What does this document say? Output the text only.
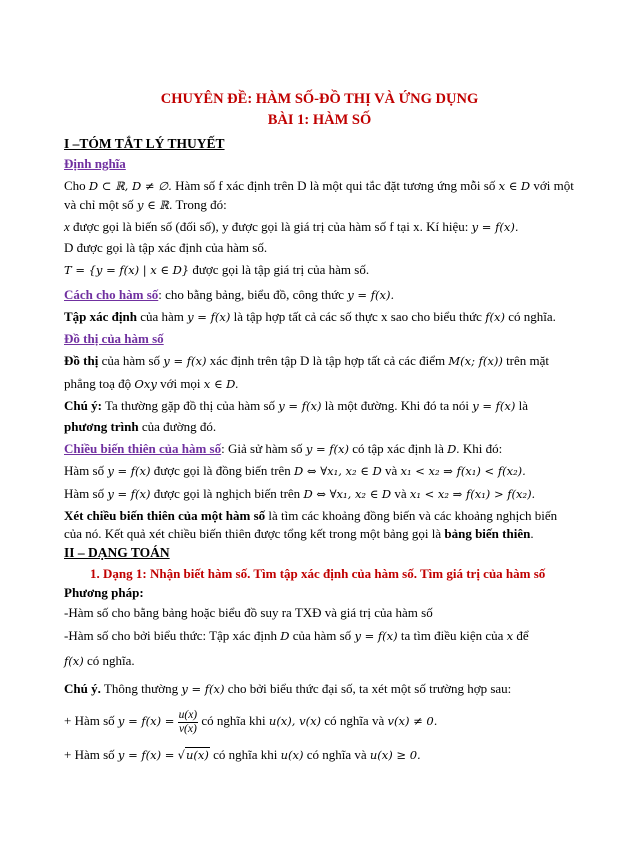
CHUYÊN ĐỀ: HÀM SỐ-ĐỒ THỊ VÀ ỨNG DỤNG
BÀI 1: HÀM SỐ
I –TÓM TẮT LÝ THUYẾT
Định nghĩa
Cho D ⊂ ℝ, D ≠ ∅. Hàm số f xác định trên D là một qui tắc đặt tương ứng mỗi số x ∈ D với một
và chỉ một số y ∈ ℝ. Trong đó:
x được gọi là biến số (đối số), y được gọi là giá trị của hàm số f tại x. Kí hiệu: y = f(x).
D được gọi là tập xác định của hàm số.
T = {y = f(x) | x ∈ D} được gọi là tập giá trị của hàm số.
Cách cho hàm số: cho bằng bảng, biểu đồ, công thức y = f(x).
Tập xác định của hàm y = f(x) là tập hợp tất cả các số thực x sao cho biểu thức f(x) có nghĩa.
Đồ thị của hàm số
Đồ thị của hàm số y = f(x) xác định trên tập D là tập hợp tất cả các điểm M(x; f(x)) trên mặt
phẳng toạ độ Oxy với mọi x ∈ D.
Chú ý: Ta thường gặp đồ thị của hàm số y = f(x) là một đường. Khi đó ta nói y = f(x) là
phương trình của đường đó.
Chiều biến thiên của hàm số: Giả sử hàm số y = f(x) có tập xác định là D. Khi đó:
Hàm số y = f(x) được gọi là đồng biến trên D ⇔ ∀x₁, x₂ ∈ D và x₁ < x₂ ⇒ f(x₁) < f(x₂).
Hàm số y = f(x) được gọi là nghịch biến trên D ⇔ ∀x₁, x₂ ∈ D và x₁ < x₂ ⇒ f(x₁) > f(x₂).
Xét chiều biến thiên của một hàm số là tìm các khoảng đồng biến và các khoảng nghịch biến
của nó. Kết quả xét chiều biến thiên được tổng kết trong một bảng gọi là bảng biến thiên.
II – DẠNG TOÁN
1. Dạng 1: Nhận biết hàm số. Tìm tập xác định của hàm số. Tìm giá trị của hàm số
Phương pháp:
-Hàm số cho bằng bảng hoặc biểu đồ suy ra TXĐ và giá trị của hàm số
-Hàm số cho bởi biểu thức: Tập xác định D của hàm số y = f(x) ta tìm điều kiện của x để
f(x) có nghĩa.
Chú ý. Thông thường y = f(x) cho bởi biểu thức đại số, ta xét một số trường hợp sau:
+ Hàm số $y = f(x) = \frac{u(x)}{v(x)}$ có nghĩa khi u(x), v(x) có nghĩa và v(x) ≠ 0.
+ Hàm số y = f(x) = √u(x) có nghĩa khi u(x) có nghĩa và u(x) ≥ 0.
